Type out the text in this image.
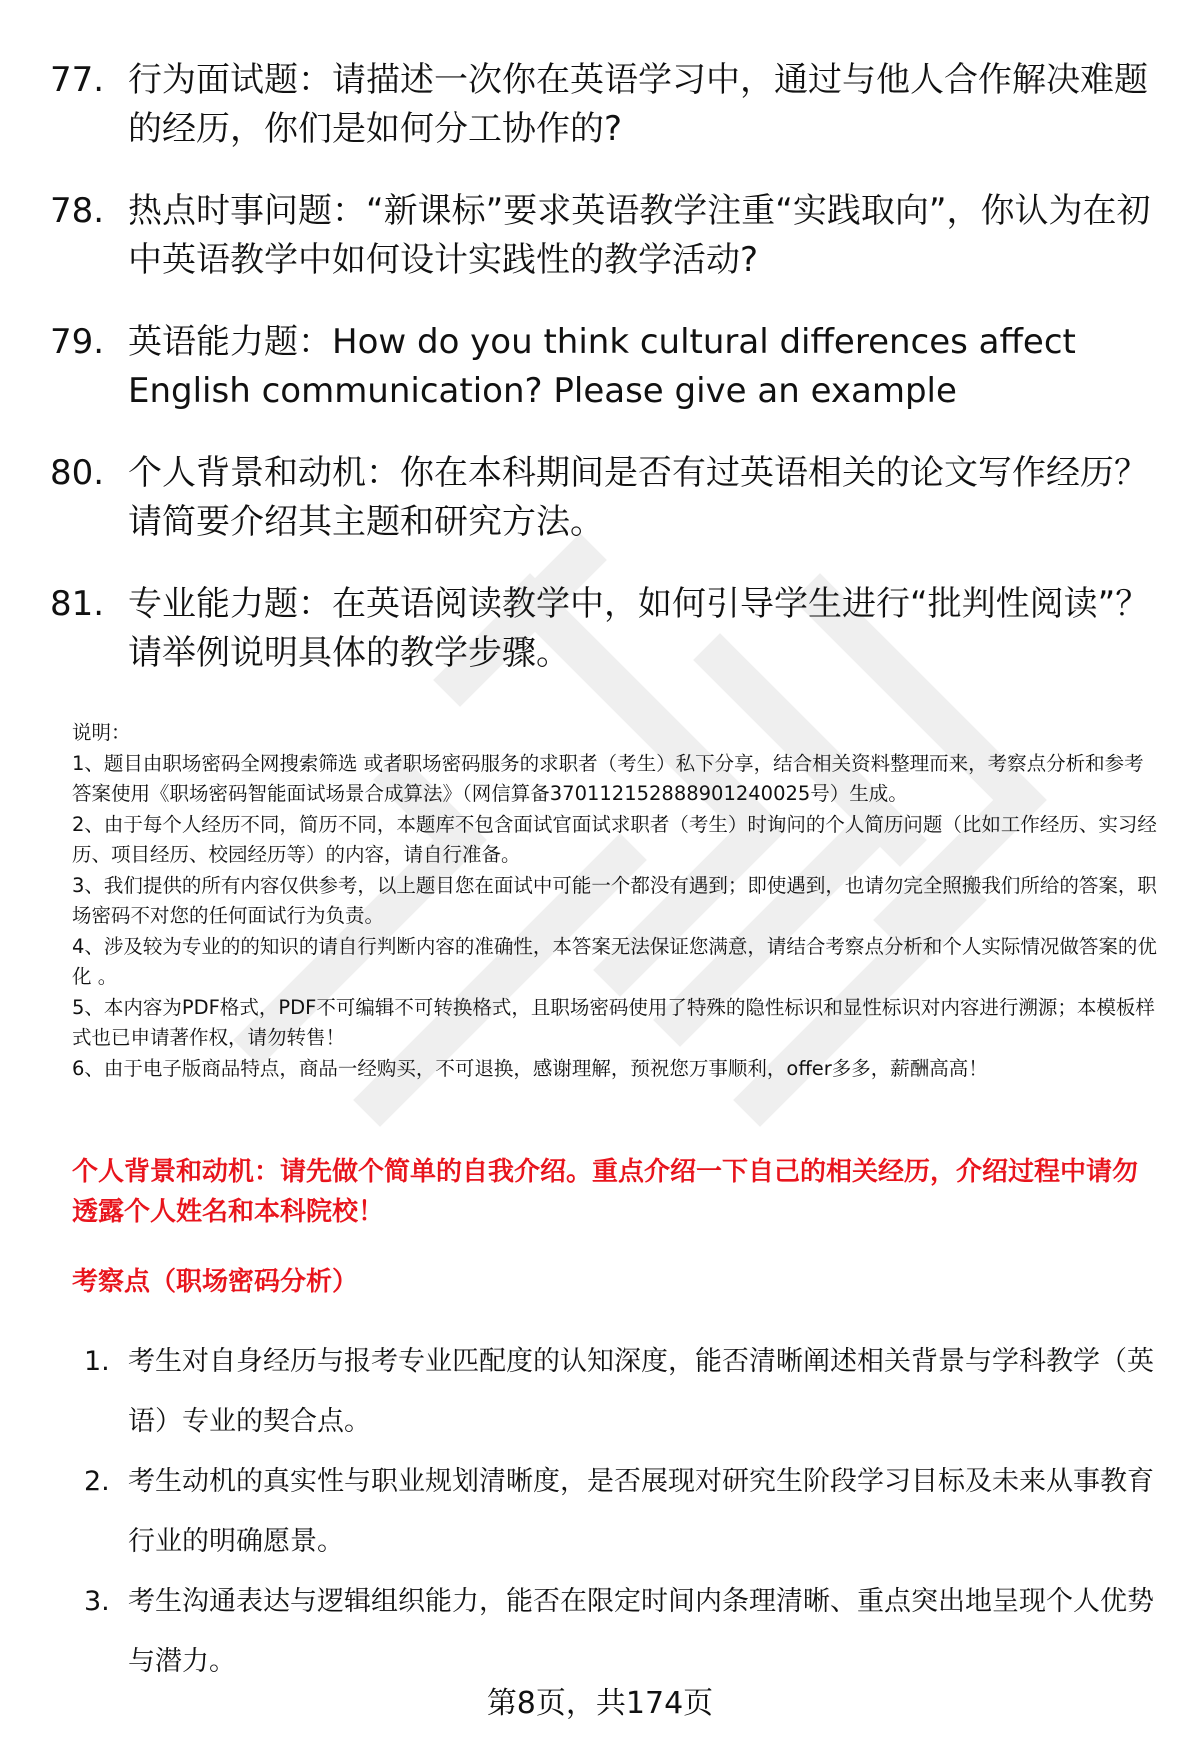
77. 行为面试题：请描述一次你在英语学习中，通过与他人合作解决难题的经历，你们是如何分工协作的?
78. 热点时事问题：“新课标”要求英语教学注重“实践取向”，你认为在初中英语教学中如何设计实践性的教学活动?
79. 英语能力题：How do you think cultural differences affect English communication? Please give an example
80. 个人背景和动机：你在本科期间是否有过英语相关的论文写作经历？请简要介绍其主题和研究方法。
81. 专业能力题：在英语阅读教学中，如何引导学生进行“批判性阅读”？请举例说明具体的教学步骤。

说明：

1、题目由职场密码全网搜索筛选 或者职场密码服务的求职者（考生）私下分享，结合相关资料整理而来，考察点分析和参考答案使用《职场密码智能面试场景合成算法》（网信算备370112152888901240025号）生成。

2、由于每个人经历不同，简历不同，本题库不包含面试官面试求职者（考生）时询问的个人简历问题（比如工作经历、实习经历、项目经历、校园经历等）的内容，请自行准备。

3、我们提供的所有内容仅供参考，以上题目您在面试中可能一个都没有遇到；即使遇到，也请勿完全照搬我们所给的答案，职场密码不对您的任何面试行为负责。

4、涉及较为专业的的知识的请自行判断内容的准确性，本答案无法保证您满意，请结合考察点分析和个人实际情况做答案的优化 。

5、本内容为PDF格式，PDF不可编辑不可转换格式，且职场密码使用了特殊的隐性标识和显性标识对内容进行溯源；本模板样式也已申请著作权，请勿转售！

6、由于电子版商品特点，商品一经购买，不可退换，感谢理解，预祝您万事顺利，offer多多，薪酬高高！

个人背景和动机：请先做个简单的自我介绍。重点介绍一下自己的相关经历，介绍过程中请勿透露个人姓名和本科院校！
考察点（职场密码分析）
1. 考生对自身经历与报考专业匹配度的认知深度，能否清晰阐述相关背景与学科教学（英语）专业的契合点。
2. 考生动机的真实性与职业规划清晰度，是否展现对研究生阶段学习目标及未来从事教育行业的明确愿景。
3. 考生沟通表达与逻辑组织能力，能否在限定时间内条理清晰、重点突出地呈现个人优势与潜力。
第8页，共174页
